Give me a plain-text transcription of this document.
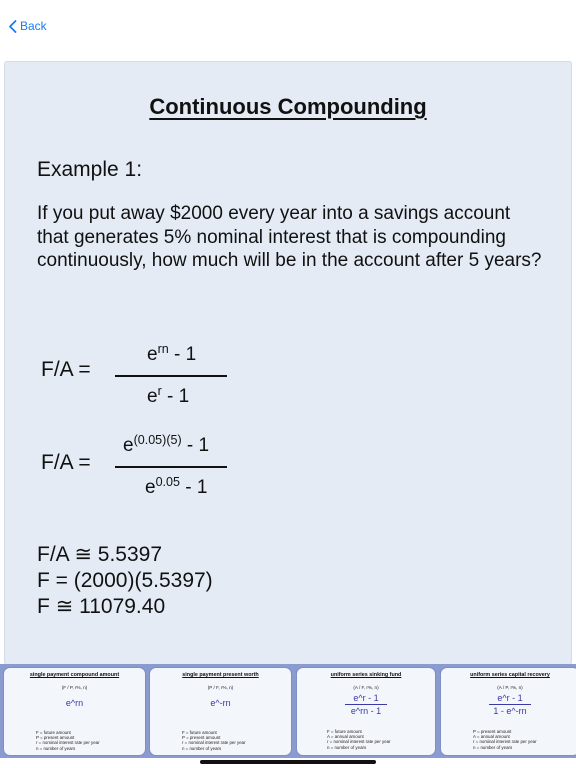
Back
Continuous Compounding
Example 1:
If you put away $2000 every year into a savings account that generates 5% nominal interest that is compounding continuously, how much will be in the account after 5 years?
F/A =
$e^{rn} - 1$
$e^r - 1$
F/A =
$e^{(0.05)(5)} - 1$
$e^{0.05} - 1$
F/A ≅ 5.5397
F = (2000)(5.5397)
F ≅ 11079.40
single payment compound amount
(F / P, r%, n)
e^rn
F = future amount
P = present amount
r = nominal interest rate per year
n = number of years
single payment present worth
(P / F, r%, n)
e^-rn
F = future amount
P = present amount
r = nominal interest rate per year
n = number of years
uniform series sinking fund
(A / F, r%, n)
$\frac{e\^{}r - 1}{e\^{}rn - 1}$
F = future amount
A = annual amount
r = nominal interest rate per year
n = number of years
uniform series capital recovery
(A / P, r%, n)
$\frac{e\^{}r - 1}{1 - e\^{}-rn}$
P = present amount
A = annual amount
r = nominal interest rate per year
n = number of years
